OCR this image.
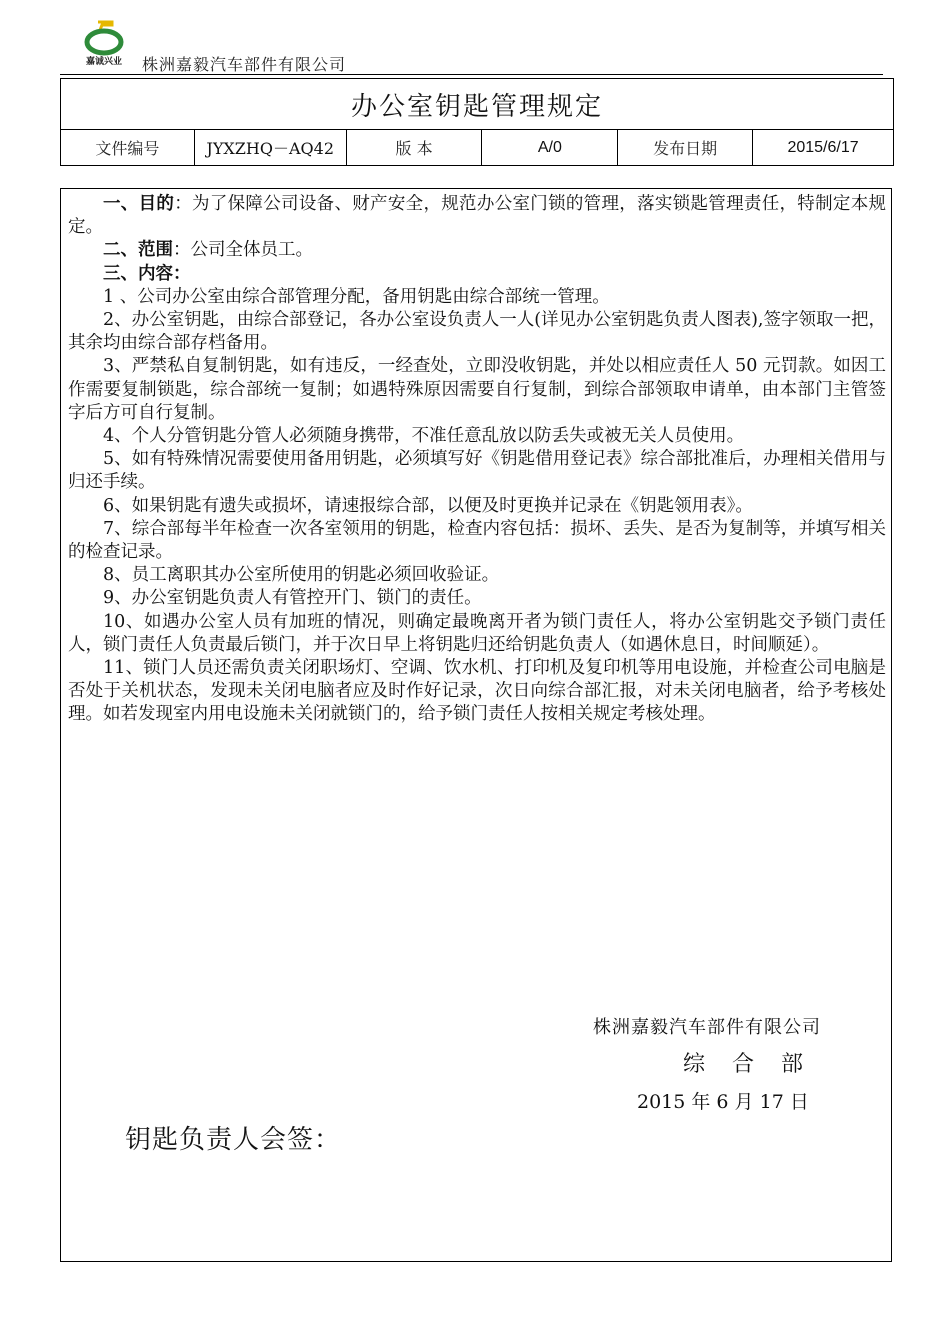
嘉诚兴业 株洲嘉毅汽车部件有限公司
办公室钥匙管理规定
文件编号	JYXZHQ－AQ42	版 本	A/0	发布日期	2015/6/17

一、目的：为了保障公司设备、财产安全，规范办公室门锁的管理，落实锁匙管理责任，特制定本规定。

二、范围：公司全体员工。

三、内容：

1 、公司办公室由综合部管理分配，备用钥匙由综合部统一管理。

2、办公室钥匙，由综合部登记，各办公室设负责人一人(详见办公室钥匙负责人图表),签字领取一把，其余均由综合部存档备用。

3、严禁私自复制钥匙，如有违反，一经查处，立即没收钥匙，并处以相应责任人 50 元罚款。如因工作需要复制锁匙，综合部统一复制；如遇特殊原因需要自行复制，到综合部领取申请单，由本部门主管签字后方可自行复制。

4、个人分管钥匙分管人必须随身携带，不准任意乱放以防丢失或被无关人员使用。

5、如有特殊情况需要使用备用钥匙，必须填写好《钥匙借用登记表》综合部批准后，办理相关借用与归还手续。

6、如果钥匙有遗失或损坏，请速报综合部，以便及时更换并记录在《钥匙领用表》。

7、综合部每半年检查一次各室领用的钥匙，检查内容包括：损坏、丢失、是否为复制等，并填写相关的检查记录。

8、员工离职其办公室所使用的钥匙必须回收验证。

9、办公室钥匙负责人有管控开门、锁门的责任。

10、如遇办公室人员有加班的情况，则确定最晚离开者为锁门责任人，将办公室钥匙交予锁门责任人，锁门责任人负责最后锁门，并于次日早上将钥匙归还给钥匙负责人（如遇休息日，时间顺延）。

11、锁门人员还需负责关闭职场灯、空调、饮水机、打印机及复印机等用电设施，并检查公司电脑是否处于关机状态，发现未关闭电脑者应及时作好记录，次日向综合部汇报，对未关闭电脑者，给予考核处理。如若发现室内用电设施未关闭就锁门的，给予锁门责任人按相关规定考核处理。

株洲嘉毅汽车部件有限公司
综 合 部
2015 年 6 月 17 日
钥匙负责人会签：
